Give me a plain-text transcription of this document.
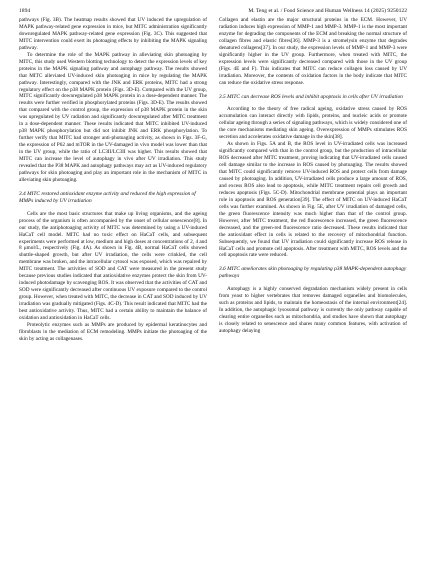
1894	M. Teng et al. / Food Science and Human Wellness 14 (2025) 9250122

pathways (Fig. 3B). The heatmap results showed that UV induced the upregulation of MAPK pathway-related gene expression in mice, but MITC administration significantly downregulated MAPK pathway-related gene expression (Fig. 3C). This suggested that MITC intervention could exert its photoaging effects by inhibiting the MAPK signaling pathway.

To determine the role of the MAPK pathway in alleviating skin photoaging by MITC, this study used Western blotting technology to detect the expression levels of key proteins in the MAPK signaling pathway and autophagy pathway. The results showed that MITC alleviated UV-induced skin photoaging in mice by regulating the MAPK pathway. Interestingly, compared with the JNK and ERK proteins, MITC had a strong regulatory effect on the p38 MAPK protein (Figs. 3D-E). Compared with the UV group, MITC significantly downregulated p38 MAPK protein in a dose-dependent manner. The results were further verified in phosphorylated proteins (Figs. 3D-E). The results showed that compared with the control group, the expression of p38 MAPK protein in the skin was upregulated by UV radiation and significantly downregulated after MITC treatment in a dose-dependent manner. These results indicated that MITC inhibited UV-induced p38 MAPK phosphorylation but did not inhibit JNK and ERK phosphorylation. To further verify that MITC had stronger anti-photoaging activity, as shown in Figs. 3F-G, the expression of P62 and mTOR in the UV-damaged in vivo model was lower than that in the UV group, while the ratio of LC3II/LC3II was higher. This results showed that MITC can increase the level of autophagy in vivo after UV irradiation. This study revealed that the P38 MAPK and autophagy pathways may act as UV-induced regulatory pathways for skin photoaging and play an important role in the mechanism of MITC in alleviating skin photoaging.

3.4 MITC restored antioxidant enzyme activity and reduced the high expression of MMPs induced by UV irradiation

Cells are the most basic structures that make up living organisms, and the ageing process of the organism is often accompanied by the onset of cellular senescence[8]. In our study, the antiphotoaging activity of MITC was determined by using a UV-induced HaCaT cell model. MITC had no toxic effect on HaCaT cells, and subsequent experiments were performed at low, medium and high doses at concentrations of 2, 4 and 8 μmol/L, respectively (Fig. 4A). As shown in Fig. 4B, normal HaCaT cells showed shuttle-shaped growth, but after UV irradiation, the cells were crinkled, the cell membrane was broken, and the intracellular cytosol was exposed, which was repaired by MITC treatment. The activities of SOD and CAT were measured in the present study because previous studies indicated that antioxidative enzymes protect the skin from UV-induced photodamage by scavenging ROS. It was observed that the activities of CAT and SOD were significantly decreased after continuous UV exposure compared to the control group. However, when treated with MITC, the decrease in CAT and SOD induced by UV irradiation was gradually mitigated (Figs. 4C-D). This result indicated that MITC had the best antioxidative activity. Thus, MITC had a certain ability to maintain the balance of oxidation and antioxidation in HaCaT cells.

Proteolytic enzymes such as MMPs are produced by epidermal keratinocytes and fibroblasts in the mediation of ECM remodeling. MMPs initiate the photoaging of the skin by acting as collagenases.

Collagen and elastin are the major structural proteins in the ECM. However, UV radiation induces high expression of MMP-1 and MMP-3. MMP-1 is the most important enzyme for degrading the components of the ECM and breaking the normal structure of collagen fibres and elastic fibres[36]. MMP-3 is a stromelysin enzyme that degrades denatured collagens[37]. In our study, the expression levels of MMP-1 and MMP-3 were significantly higher in the UV group. Furthermore, when treated with MITC, the expression levels were significantly decreased compared with those in the UV group (Figs. 4E and F). This indicates that MITC can reduce collagen loss caused by UV irradiation. Moreover, the contents of oxidation factors in the body indicate that MITC can reduce the oxidative stress response.

3.5 MITC can decrease ROS levels and inhibit apoptosis in cells after UV irradiation

According to the theory of free radical ageing, oxidative stress caused by ROS accumulation can interact directly with lipids, proteins, and nucleic acids or promote cellular ageing through a series of signaling pathways, which is widely considered one of the core mechanisms mediating skin ageing. Overexpression of MMPs stimulates ROS secretion and accelerates oxidative damage in the skin[38].

As shown in Figs. 5A and B, the ROS level in UV-irradiated cells was increased significantly compared with that in the control group, but the production of intracellular ROS decreased after MITC treatment, proving indicating that UV-irradiated cells caused cell damage similar to the increase in ROS caused by photoaging. The results showed that MITC could significantly remove UV-induced ROS and protect cells from damage caused by photoaging. In addition, UV-irradiated cells produce a large amount of ROS, and excess ROS also lead to apoptosis, while MITC treatment repairs cell growth and reduces apoptosis (Figs. 5C-D). Mitochondrial membrane potential plays an important role in apoptosis and ROS generation[39]. The effect of MITC on UV-induced HaCaT cells was further examined. As shown in Fig. 5E, after UV irradiation of damaged cells, the green fluorescence intensity was much higher than that of the control group. However, after MITC treatment, the red fluorescence increased, the green fluorescence decreased, and the green-red fluorescence ratio decreased. These results indicated that the antioxidant effect in cells is related to the recovery of mitochondrial function. Subsequently, we found that UV irradiation could significantly increase ROS release in HaCaT cells and promote cell apoptosis. After treatment with MITC, ROS levels and the cell apoptosis rate were reduced.

3.6 MITC ameliorates skin photoaging by regulating p38 MAPK-dependent autophagy pathways

Autophagy is a highly conserved degradation mechanism widely present in cells from yeast to higher vertebrates that removes damaged organelles and biomolecules, such as proteins and lipids, to maintain the homeostasis of the internal environment[24]. In addition, the autophagic lysosomal pathway is currently the only pathway capable of clearing entire organelles such as mitochondria, and studies have shown that autophagy is closely related to senescence and shares many common features, with activation of autophagy delaying
